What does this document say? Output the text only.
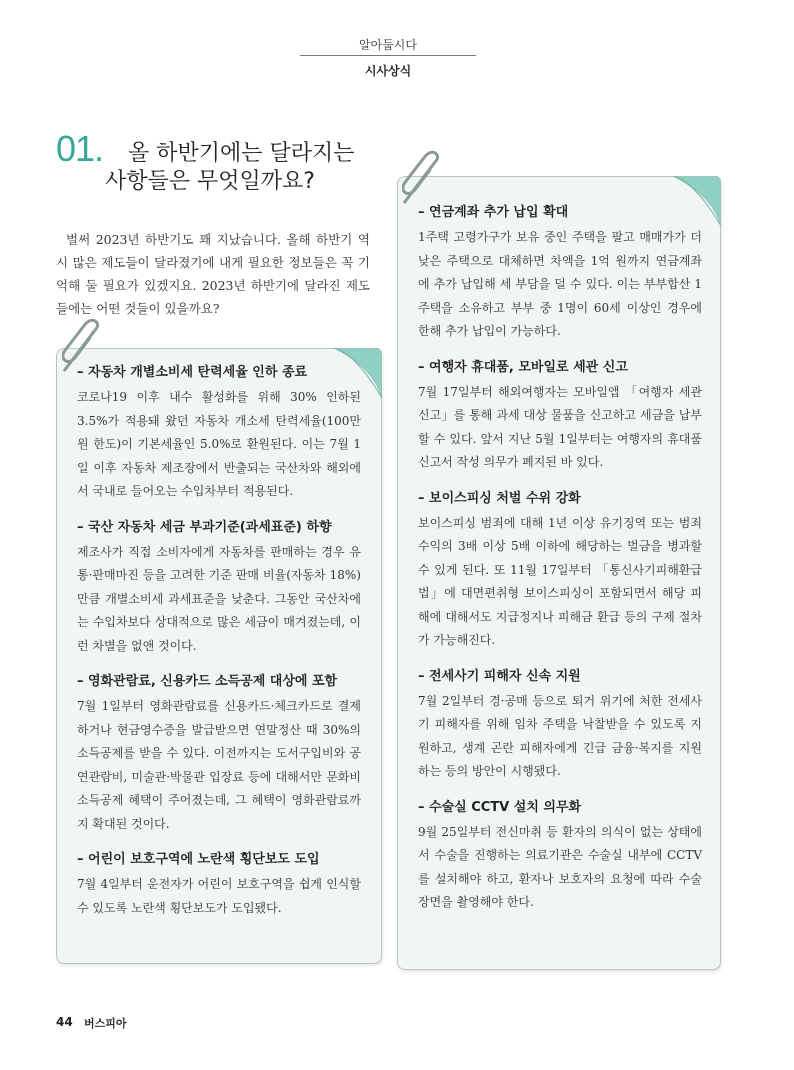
알아둡시다
시사상식
01. 올 하반기에는 달라지는
사항들은 무엇일까요?

벌써 2023년 하반기도 꽤 지났습니다. 올해 하반기 역시 많은 제도들이 달라졌기에 내게 필요한 정보들은 꼭 기억해 둘 필요가 있겠지요. 2023년 하반기에 달라진 제도들에는 어떤 것들이 있을까요?

– 자동차 개별소비세 탄력세율 인하 종료

코로나19 이후 내수 활성화를 위해 30% 인하된 3.5%가 적용돼 왔던 자동차 개소세 탄력세율(100만 원 한도)이 기본세율인 5.0%로 환원된다. 이는 7월 1일 이후 자동차 제조장에서 반출되는 국산차와 해외에서 국내로 들어오는 수입차부터 적용된다.

– 국산 자동차 세금 부과기준(과세표준) 하향

제조사가 직접 소비자에게 자동차를 판매하는 경우 유통·판매마진 등을 고려한 기준 판매 비율(자동차 18%)만큼 개별소비세 과세표준을 낮춘다. 그동안 국산차에는 수입차보다 상대적으로 많은 세금이 매겨졌는데, 이런 차별을 없앤 것이다.

– 영화관람료, 신용카드 소득공제 대상에 포함

7월 1일부터 영화관람료를 신용카드·체크카드로 결제하거나 현금영수증을 발급받으면 연말정산 때 30%의 소득공제를 받을 수 있다. 이전까지는 도서구입비와 공연관람비, 미술관·박물관 입장료 등에 대해서만 문화비 소득공제 혜택이 주어졌는데, 그 혜택이 영화관람료까지 확대된 것이다.

– 어린이 보호구역에 노란색 횡단보도 도입

7월 4일부터 운전자가 어린이 보호구역을 쉽게 인식할 수 있도록 노란색 횡단보도가 도입됐다.

– 연금계좌 추가 납입 확대

1주택 고령가구가 보유 중인 주택을 팔고 매매가가 더 낮은 주택으로 대체하면 차액을 1억 원까지 연금계좌에 추가 납입해 세 부담을 덜 수 있다. 이는 부부합산 1주택을 소유하고 부부 중 1명이 60세 이상인 경우에 한해 추가 납입이 가능하다.

– 여행자 휴대품, 모바일로 세관 신고

7월 17일부터 해외여행자는 모바일앱 「여행자 세관신고」를 통해 과세 대상 물품을 신고하고 세금을 납부할 수 있다. 앞서 지난 5월 1일부터는 여행자의 휴대품 신고서 작성 의무가 폐지된 바 있다.

– 보이스피싱 처벌 수위 강화

보이스피싱 범죄에 대해 1년 이상 유기징역 또는 범죄 수익의 3배 이상 5배 이하에 해당하는 벌금을 병과할 수 있게 된다. 또 11월 17일부터 「통신사기피해환급법」에 대면편취형 보이스피싱이 포함되면서 해당 피해에 대해서도 지급정지나 피해금 환급 등의 구제 절차가 가능해진다.

– 전세사기 피해자 신속 지원

7월 2일부터 경·공매 등으로 퇴거 위기에 처한 전세사기 피해자를 위해 임차 주택을 낙찰받을 수 있도록 지원하고, 생계 곤란 피해자에게 긴급 금융·복지를 지원하는 등의 방안이 시행됐다.

– 수술실 CCTV 설치 의무화

9월 25일부터 전신마취 등 환자의 의식이 없는 상태에서 수술을 진행하는 의료기관은 수술실 내부에 CCTV를 설치해야 하고, 환자나 보호자의 요청에 따라 수술 장면을 촬영해야 한다.

44 버스피아
